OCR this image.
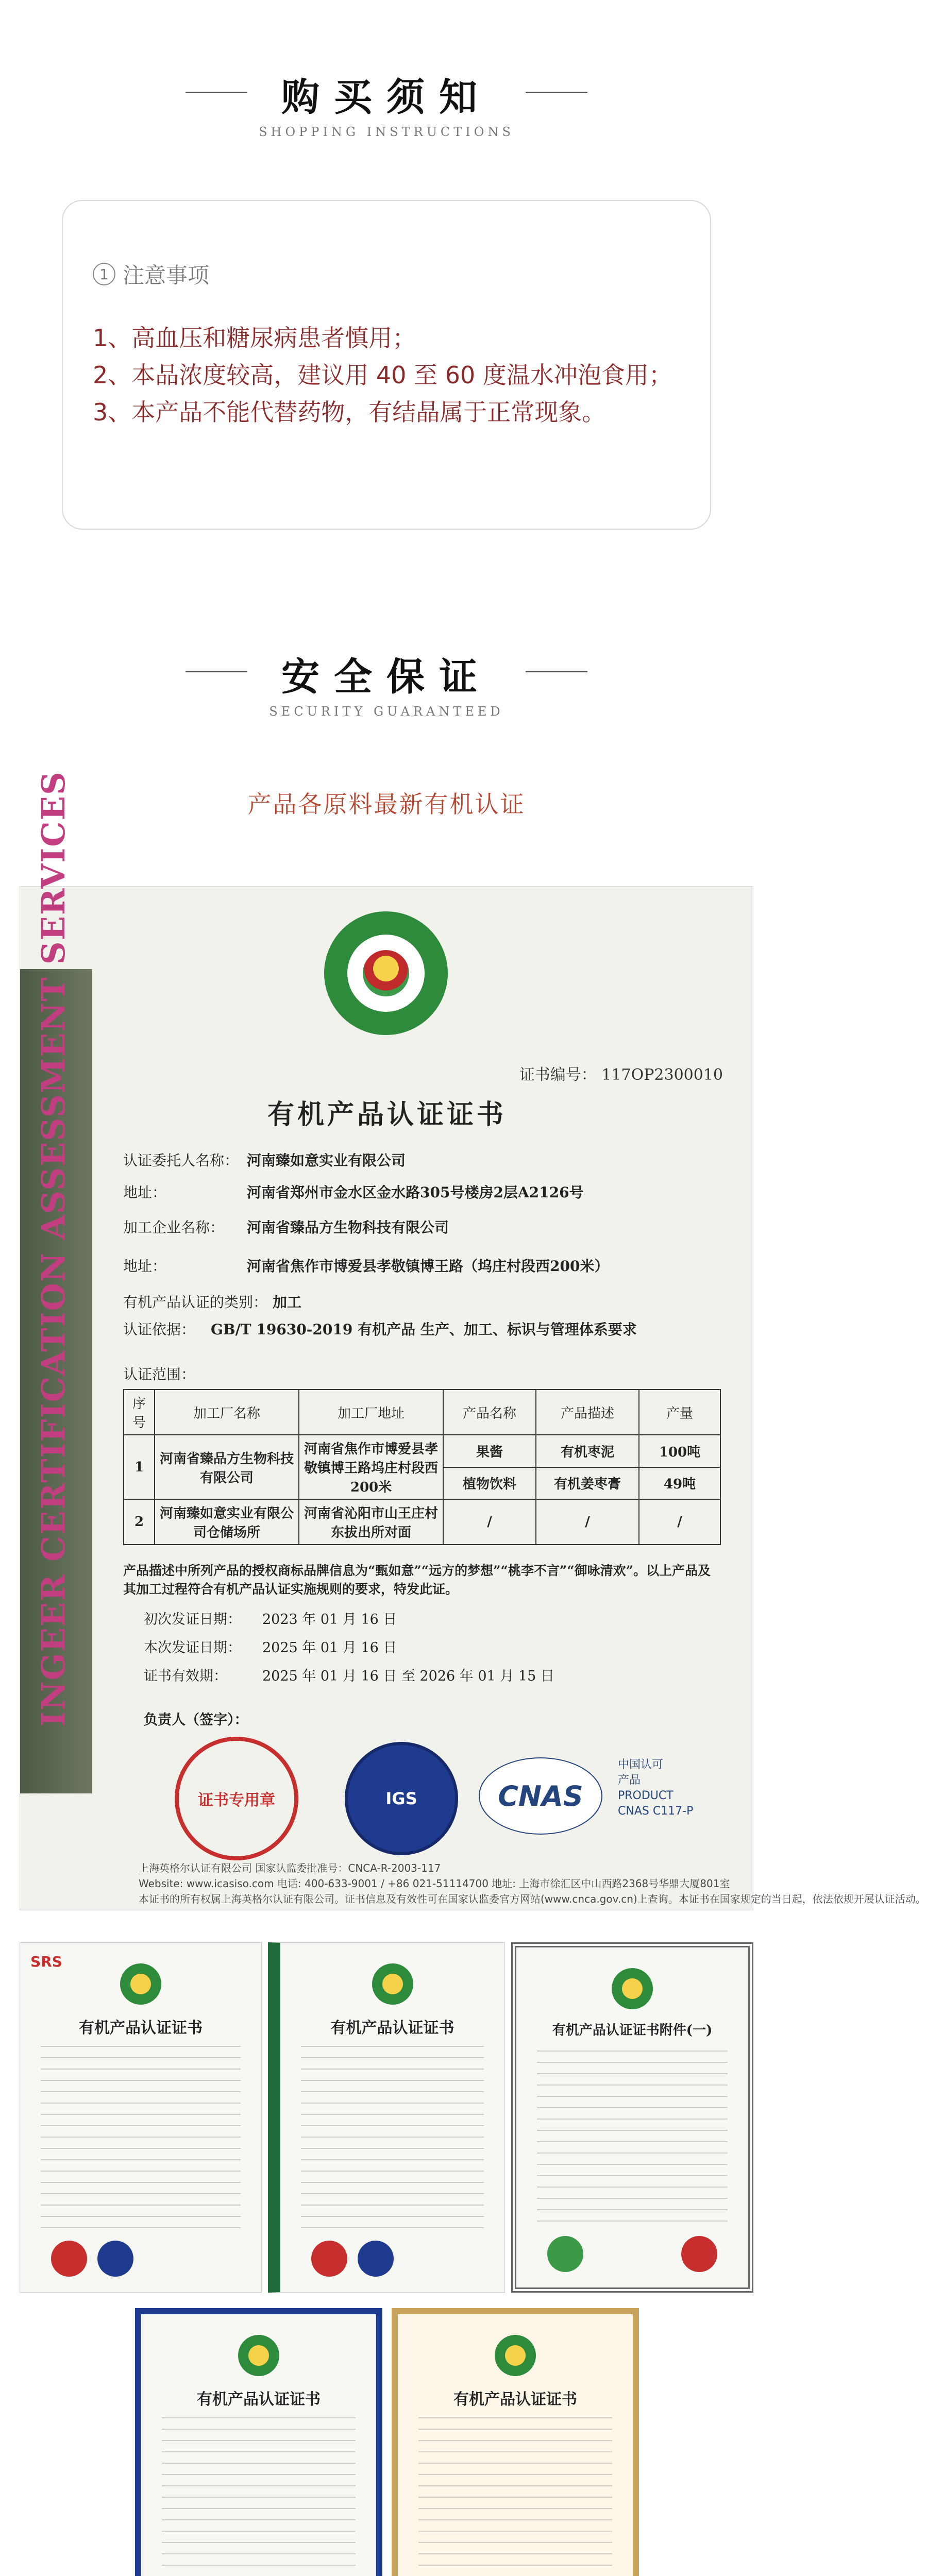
购买须知
SHOPPING INSTRUCTIONS
1 注意事项
1、高血压和糖尿病患者慎用；
2、本品浓度较高，建议用 40 至 60 度温水冲泡食用；
3、本产品不能代替药物，有结晶属于正常现象。
安全保证
SECURITY GUARANTEED
产品各原料最新有机认证
INGEER CERTIFICATION ASSESSMENT SERVICES	证书编号： 117OP2300010
有机产品认证证书
认证委托人名称： 河南臻如意实业有限公司
地址：	河南省郑州市金水区金水路305号楼房2层A2126号
加工企业名称： 河南省臻品方生物科技有限公司
地址：	河南省焦作市博爱县孝敬镇博王路（坞庄村段西200米）
有机产品认证的类别： 加工
认证依据： GB/T 19630-2019 有机产品 生产、加工、标识与管理体系要求
认证范围：
序号	加工厂名称	加工厂地址	产品名称	产品描述	产量
1	河南省臻品方生物科技有限公司	河南省焦作市博爱县孝敬镇博王路坞庄村段西200米	果酱	有机枣泥	100吨
			植物饮料	有机姜枣膏	49吨
2	河南臻如意实业有限公司仓储场所	河南省沁阳市山王庄村东拔出所对面	/	/	/
产品描述中所列产品的授权商标品牌信息为“甄如意”“远方的梦想”“桃李不言”“御咏清欢”。以上产品及其加工过程符合有机产品认证实施规则的要求，特发此证。
初次发证日期： 2023 年 01 月 16 日
本次发证日期： 2025 年 01 月 16 日
证书有效期：	2025 年 01 月 16 日 至 2026 年 01 月 15 日
负责人（签字）：
证书专用章	IGS	CNAS
中国认可
产品
PRODUCT
CNAS C117-P
上海英格尔认证有限公司 国家认监委批准号：CNCA-R-2003-117
Website: www.icasiso.com 电话: 400-633-9001 / +86 021-51114700 地址: 上海市徐汇区中山西路2368号华鼎大厦801室
本证书的所有权属上海英格尔认证有限公司。证书信息及有效性可在国家认监委官方网站(www.cnca.gov.cn)上查询。本证书在国家规定的当日起，依法依规开展认证活动。
SRS
有机产品认证证书	有机产品认证证书	有机产品认证证书附件(一)
有机产品认证证书	有机产品认证证书
